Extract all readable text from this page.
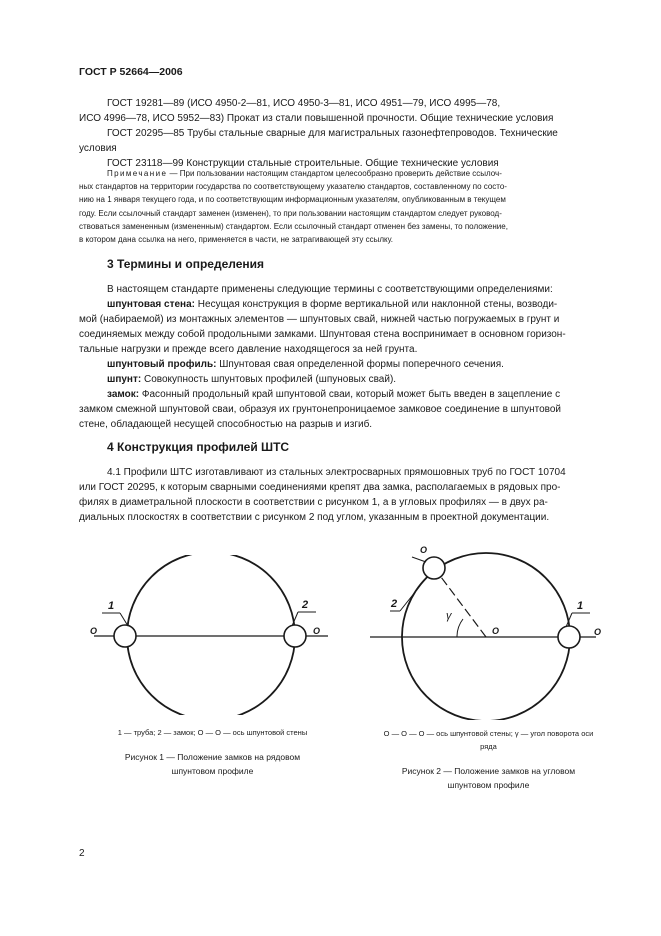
ГОСТ Р 52664—2006
ГОСТ 19281—89 (ИСО 4950-2—81, ИСО 4950-3—81, ИСО 4951—79, ИСО 4995—78,
ИСО 4996—78, ИСО 5952—83) Прокат из стали повышенной прочности. Общие технические условия
ГОСТ 20295—85 Трубы стальные сварные для магистральных газонефтепроводов. Технические
условия
ГОСТ 23118—99 Конструкции стальные строительные. Общие технические условия
Примечание — При пользовании настоящим стандартом целесообразно проверить действие ссылоч-
ных стандартов на территории государства по соответствующему указателю стандартов, составленному по состо-
нию на 1 января текущего года, и по соответствующим информационным указателям, опубликованным в текущем
году. Если ссылочный стандарт заменен (изменен), то при пользовании настоящим стандартом следует руковод-
ствоваться замененным (измененным) стандартом. Если ссылочный стандарт отменен без замены, то положение,
в котором дана ссылка на него, применяется в части, не затрагивающей эту ссылку.
3 Термины и определения
В настоящем стандарте применены следующие термины с соответствующими определениями:
шпунтовая стена: Несущая конструкция в форме вертикальной или наклонной стены, возводи-
мой (набираемой) из монтажных элементов — шпунтовых свай, нижней частью погружаемых в грунт и
соединяемых между собой продольными замками. Шпунтовая стена воспринимает в основном горизон-
тальные нагрузки и прежде всего давление находящегося за ней грунта.
шпунтовый профиль: Шпунтовая свая определенной формы поперечного сечения.
шпунт: Совокупность шпунтовых профилей (шпуновых свай).
замок: Фасонный продольный край шпунтовой сваи, который может быть введен в зацепление с
замком смежной шпунтовой сваи, образуя их грунтонепроницаемое замковое соединение в шпунтовой
стене, обладающей несущей способностью на разрыв и изгиб.
4 Конструкция профилей ШТС
4.1 Профили ШТС изготавливают из стальных электросварных прямошовных труб по ГОСТ 10704
или ГОСТ 20295, к которым сварными соединениями крепят два замка, располагаемых в рядовых про-
филях в диаметральной плоскости в соответствии с рисунком 1, а в угловых профилях — в двух ра-
диальных плоскостях в соответствии с рисунком 2 под углом, указанным в проектной документации.
1	2
O	O
1 — труба; 2 — замок; O — O — ось шпунтовой стены
Рисунок 1 — Положение замков на рядовом
шпунтовом профиле
O
2
γ
O
1
O
O — O — O — ось шпунтовой стены; γ — угол поворота оси
ряда
Рисунок 2 — Положение замков на угловом
шпунтовом профиле
2
